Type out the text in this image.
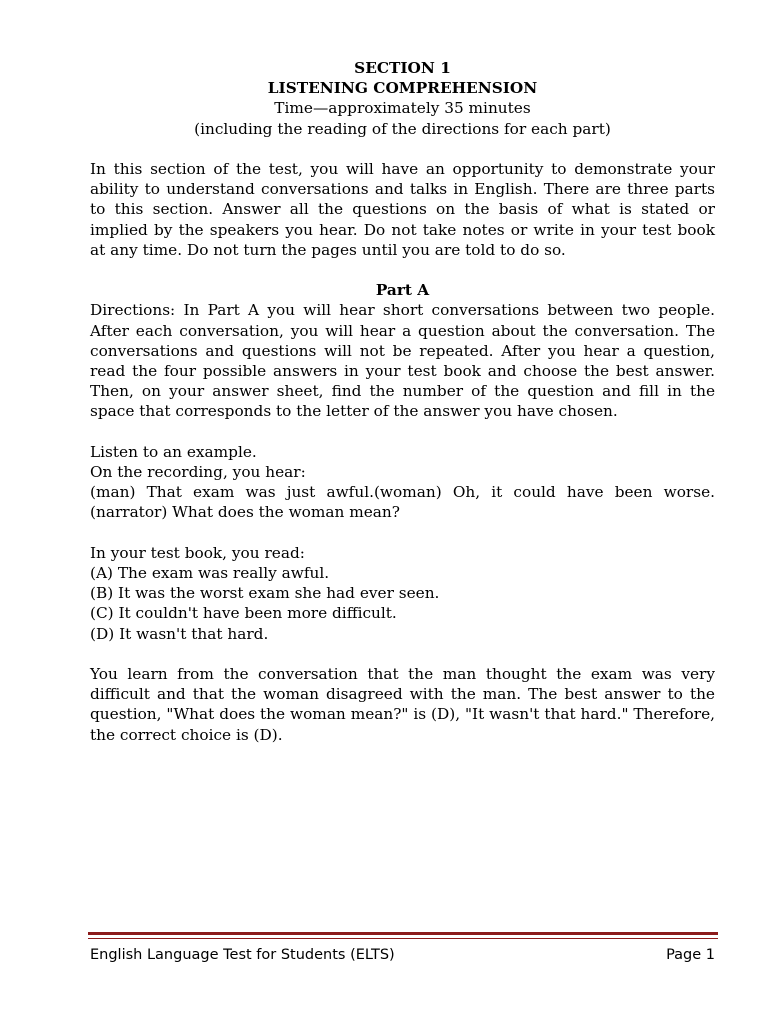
SECTION 1
LISTENING COMPREHENSION
Time—approximately 35 minutes
(including the reading of the directions for each part)
In this section of the test, you will have an opportunity to demonstrate your ability to understand conversations and talks in English. There are three parts to this section. Answer all the questions on the basis of what is stated or implied by the speakers you hear. Do not take notes or write in your test book at any time. Do not turn the pages until you are told to do so.
Part A
Directions: In Part A you will hear short conversations between two people. After each conversation, you will hear a question about the conversation. The conversations and questions will not be repeated. After you hear a question, read the four possible answers in your test book and choose the best answer. Then, on your answer sheet, find the number of the question and fill in the space that corresponds to the letter of the answer you have chosen.
Listen to an example.
On the recording, you hear:
(man) That exam was just awful.(woman) Oh, it could have been worse. (narrator) What does the woman mean?
In your test book, you read:
(A) The exam was really awful.
(B) It was the worst exam she had ever seen.
(C) It couldn't have been more difficult.
(D) It wasn't that hard.
You learn from the conversation that the man thought the exam was very difficult and that the woman disagreed with the man. The best answer to the question, "What does the woman mean?" is (D), "It wasn't that hard." Therefore, the correct choice is (D).
English Language Test for Students (ELTS)	Page 1
